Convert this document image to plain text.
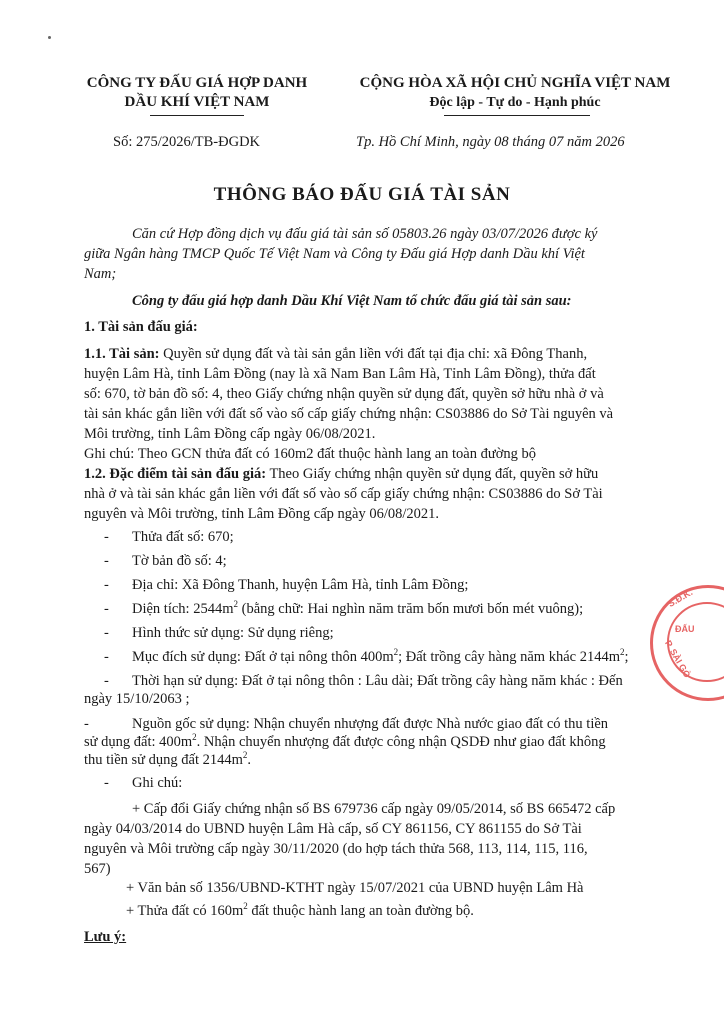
CÔNG TY ĐẤU GIÁ HỢP DANH
DẦU KHÍ VIỆT NAM
CỘNG HÒA XÃ HỘI CHỦ NGHĨA VIỆT NAM
Độc lập - Tự do - Hạnh phúc
Số: 275/2026/TB-ĐGDK	Tp. Hồ Chí Minh, ngày 08 tháng 07 năm 2026
THÔNG BÁO ĐẤU GIÁ TÀI SẢN
Căn cứ Hợp đồng dịch vụ đấu giá tài sản số 05803.26 ngày 03/07/2026 được ký
giữa Ngân hàng TMCP Quốc Tế Việt Nam và Công ty Đấu giá Hợp danh Dầu khí Việt
Nam;
Công ty đấu giá hợp danh Dầu Khí Việt Nam tổ chức đấu giá tài sản sau:
1. Tài sản đấu giá:
1.1. Tài sản: Quyền sử dụng đất và tài sản gắn liền với đất tại địa chỉ: xã Đông Thanh,
huyện Lâm Hà, tỉnh Lâm Đồng (nay là xã Nam Ban Lâm Hà, Tỉnh Lâm Đồng), thửa đất
số: 670, tờ bản đồ số: 4, theo Giấy chứng nhận quyền sử dụng đất, quyền sở hữu nhà ở và
tài sản khác gắn liền với đất số vào số cấp giấy chứng nhận: CS03886 do Sở Tài nguyên và
Môi trường, tỉnh Lâm Đồng cấp ngày 06/08/2021.
Ghi chú: Theo GCN thửa đất có 160m2 đất thuộc hành lang an toàn đường bộ
1.2. Đặc điểm tài sản đấu giá: Theo Giấy chứng nhận quyền sử dụng đất, quyền sở hữu
nhà ở và tài sản khác gắn liền với đất số vào số cấp giấy chứng nhận: CS03886 do Sở Tài
nguyên và Môi trường, tỉnh Lâm Đồng cấp ngày 06/08/2021.
- Thửa đất số: 670;
- Tờ bản đồ số: 4;
- Địa chỉ: Xã Đông Thanh, huyện Lâm Hà, tỉnh Lâm Đồng;
- Diện tích: $2544m^2$ (bằng chữ: Hai nghìn năm trăm bốn mươi bốn mét vuông);
- Hình thức sử dụng: Sử dụng riêng;
- Mục đích sử dụng: Đất ở tại nông thôn $400m^2$; Đất trồng cây hàng năm khác $2144m^2$;
- Thời hạn sử dụng: Đất ở tại nông thôn : Lâu dài; Đất trồng cây hàng năm khác : Đến
ngày 15/10/2063 ;
-	Nguồn gốc sử dụng: Nhận chuyển nhượng đất được Nhà nước giao đất có thu tiền
sử dụng đất: $400m^2$. Nhận chuyển nhượng đất được công nhận QSDĐ như giao đất không
thu tiền sử dụng đất $2144m^2$.
- Ghi chú:
+ Cấp đổi Giấy chứng nhận số BS 679736 cấp ngày 09/05/2014, số BS 665472 cấp
ngày 04/03/2014 do UBND huyện Lâm Hà cấp, số CY 861156, CY 861155 do Sở Tài
nguyên và Môi trường cấp ngày 30/11/2020 (do hợp tách thửa 568, 113, 114, 115, 116,
567)
+ Văn bản số 1356/UBND-KTHT ngày 15/07/2021 của UBND huyện Lâm Hà
+ Thửa đất có $160m^2$ đất thuộc hành lang an toàn đường bộ.
Lưu ý:
S.Đ.K.
ĐẤU
P. SÀI GÒ
